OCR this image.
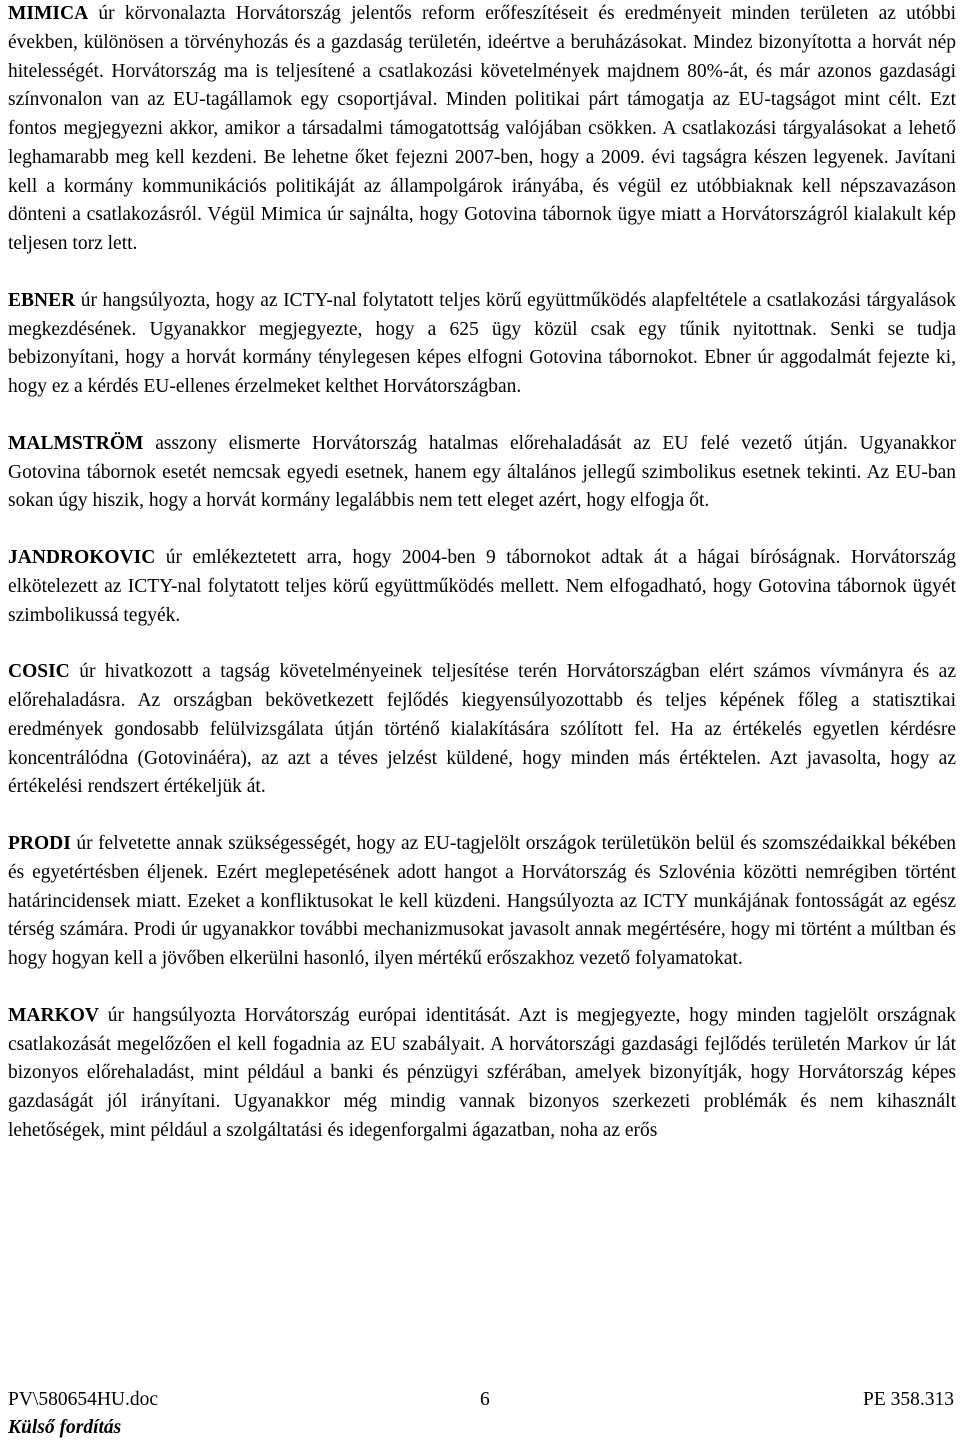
MIMICA úr körvonalazta Horvátország jelentős reform erőfeszítéseit és eredményeit minden területen az utóbbi években, különösen a törvényhozás és a gazdaság területén, ideértve a beruházásokat. Mindez bizonyította a horvát nép hitelességét. Horvátország ma is teljesítené a csatlakozási követelmények majdnem 80%-át, és már azonos gazdasági színvonalon van az EU-tagállamok egy csoportjával. Minden politikai párt támogatja az EU-tagságot mint célt. Ezt fontos megjegyezni akkor, amikor a társadalmi támogatottság valójában csökken. A csatlakozási tárgyalásokat a lehető leghamarabb meg kell kezdeni. Be lehetne őket fejezni 2007-ben, hogy a 2009. évi tagságra készen legyenek. Javítani kell a kormány kommunikációs politikáját az állampolgárok irányába, és végül ez utóbbiaknak kell népszavazáson dönteni a csatlakozásról. Végül Mimica úr sajnálta, hogy Gotovina tábornok ügye miatt a Horvátországról kialakult kép teljesen torz lett.

EBNER úr hangsúlyozta, hogy az ICTY-nal folytatott teljes körű együttműködés alapfeltétele a csatlakozási tárgyalások megkezdésének. Ugyanakkor megjegyezte, hogy a 625 ügy közül csak egy tűnik nyitottnak. Senki se tudja bebizonyítani, hogy a horvát kormány ténylegesen képes elfogni Gotovina tábornokot. Ebner úr aggodalmát fejezte ki, hogy ez a kérdés EU-ellenes érzelmeket kelthet Horvátországban.

MALMSTRÖM asszony elismerte Horvátország hatalmas előrehaladását az EU felé vezető útján. Ugyanakkor Gotovina tábornok esetét nemcsak egyedi esetnek, hanem egy általános jellegű szimbolikus esetnek tekinti. Az EU-ban sokan úgy hiszik, hogy a horvát kormány legalábbis nem tett eleget azért, hogy elfogja őt.

JANDROKOVIC úr emlékeztetett arra, hogy 2004-ben 9 tábornokot adtak át a hágai bíróságnak. Horvátország elkötelezett az ICTY-nal folytatott teljes körű együttműködés mellett. Nem elfogadható, hogy Gotovina tábornok ügyét szimbolikussá tegyék.

COSIC úr hivatkozott a tagság követelményeinek teljesítése terén Horvátországban elért számos vívmányra és az előrehaladásra. Az országban bekövetkezett fejlődés kiegyensúlyozottabb és teljes képének főleg a statisztikai eredmények gondosabb felülvizsgálata útján történő kialakítására szólított fel. Ha az értékelés egyetlen kérdésre koncentrálódna (Gotovináéra), az azt a téves jelzést küldené, hogy minden más értéktelen. Azt javasolta, hogy az értékelési rendszert értékeljük át.

PRODI úr felvetette annak szükségességét, hogy az EU-tagjelölt országok területükön belül és szomszédaikkal békében és egyetértésben éljenek. Ezért meglepetésének adott hangot a Horvátország és Szlovénia közötti nemrégiben történt határincidensek miatt. Ezeket a konfliktusokat le kell küzdeni. Hangsúlyozta az ICTY munkájának fontosságát az egész térség számára. Prodi úr ugyanakkor további mechanizmusokat javasolt annak megértésére, hogy mi történt a múltban és hogy hogyan kell a jövőben elkerülni hasonló, ilyen mértékű erőszakhoz vezető folyamatokat.

MARKOV úr hangsúlyozta Horvátország európai identitását. Azt is megjegyezte, hogy minden tagjelölt országnak csatlakozását megelőzően el kell fogadnia az EU szabályait. A horvátországi gazdasági fejlődés területén Markov úr lát bizonyos előrehaladást, mint például a banki és pénzügyi szférában, amelyek bizonyítják, hogy Horvátország képes gazdaságát jól irányítani. Ugyanakkor még mindig vannak bizonyos szerkezeti problémák és nem kihasznált lehetőségek, mint például a szolgáltatási és idegenforgalmi ágazatban, noha az erős

PV\580654HU.doc	6	PE 358.313
Külső fordítás
